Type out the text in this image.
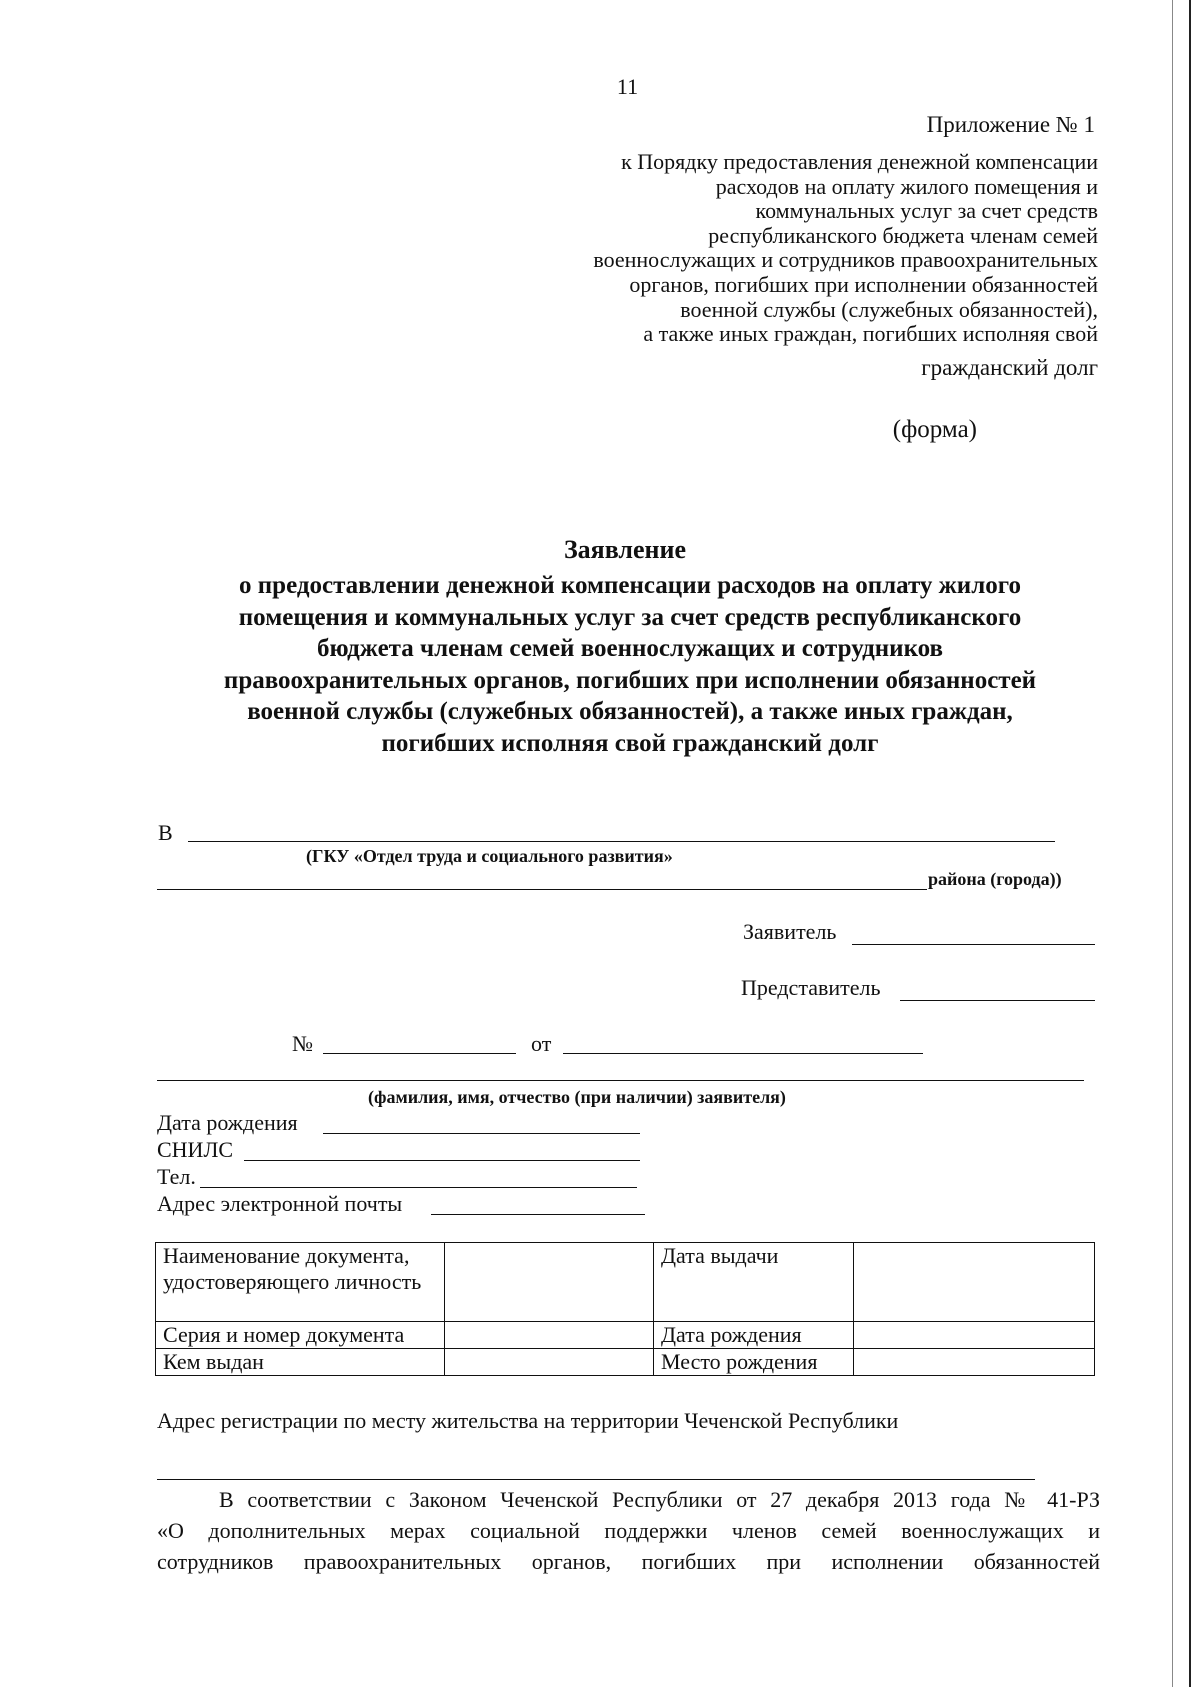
11
Приложение № 1
к Порядку предоставления денежной компенсации
расходов на оплату жилого помещения и
коммунальных услуг за счет средств
республиканского бюджета членам семей
военнослужащих и сотрудников правоохранительных
органов, погибших при исполнении обязанностей
военной службы (служебных обязанностей),
а также иных граждан, погибших исполняя свой
гражданский долг
(форма)
Заявление
о предоставлении денежной компенсации расходов на оплату жилого
помещения и коммунальных услуг за счет средств республиканского
бюджета членам семей военнослужащих и сотрудников
правоохранительных органов, погибших при исполнении обязанностей
военной службы (служебных обязанностей), а также иных граждан,
погибших исполняя свой гражданский долг
В
(ГКУ «Отдел труда и социального развития»
района (города))
Заявитель
Представитель
№	от
(фамилия, имя, отчество (при наличии) заявителя)
Дата рождения
СНИЛС
Тел.
Адрес электронной почты
Наименование документа, удостоверяющего личность		Дата выдачи	
Серия и номер документа		Дата рождения	
Кем выдан		Место рождения	
Адрес регистрации по месту жительства на территории Чеченской Республики
В соответствии с Законом Чеченской Республики от 27 декабря 2013 года № 41-РЗ
«О дополнительных мерах социальной поддержки членов семей военнослужащих и
сотрудников правоохранительных органов, погибших при исполнении обязанностей
